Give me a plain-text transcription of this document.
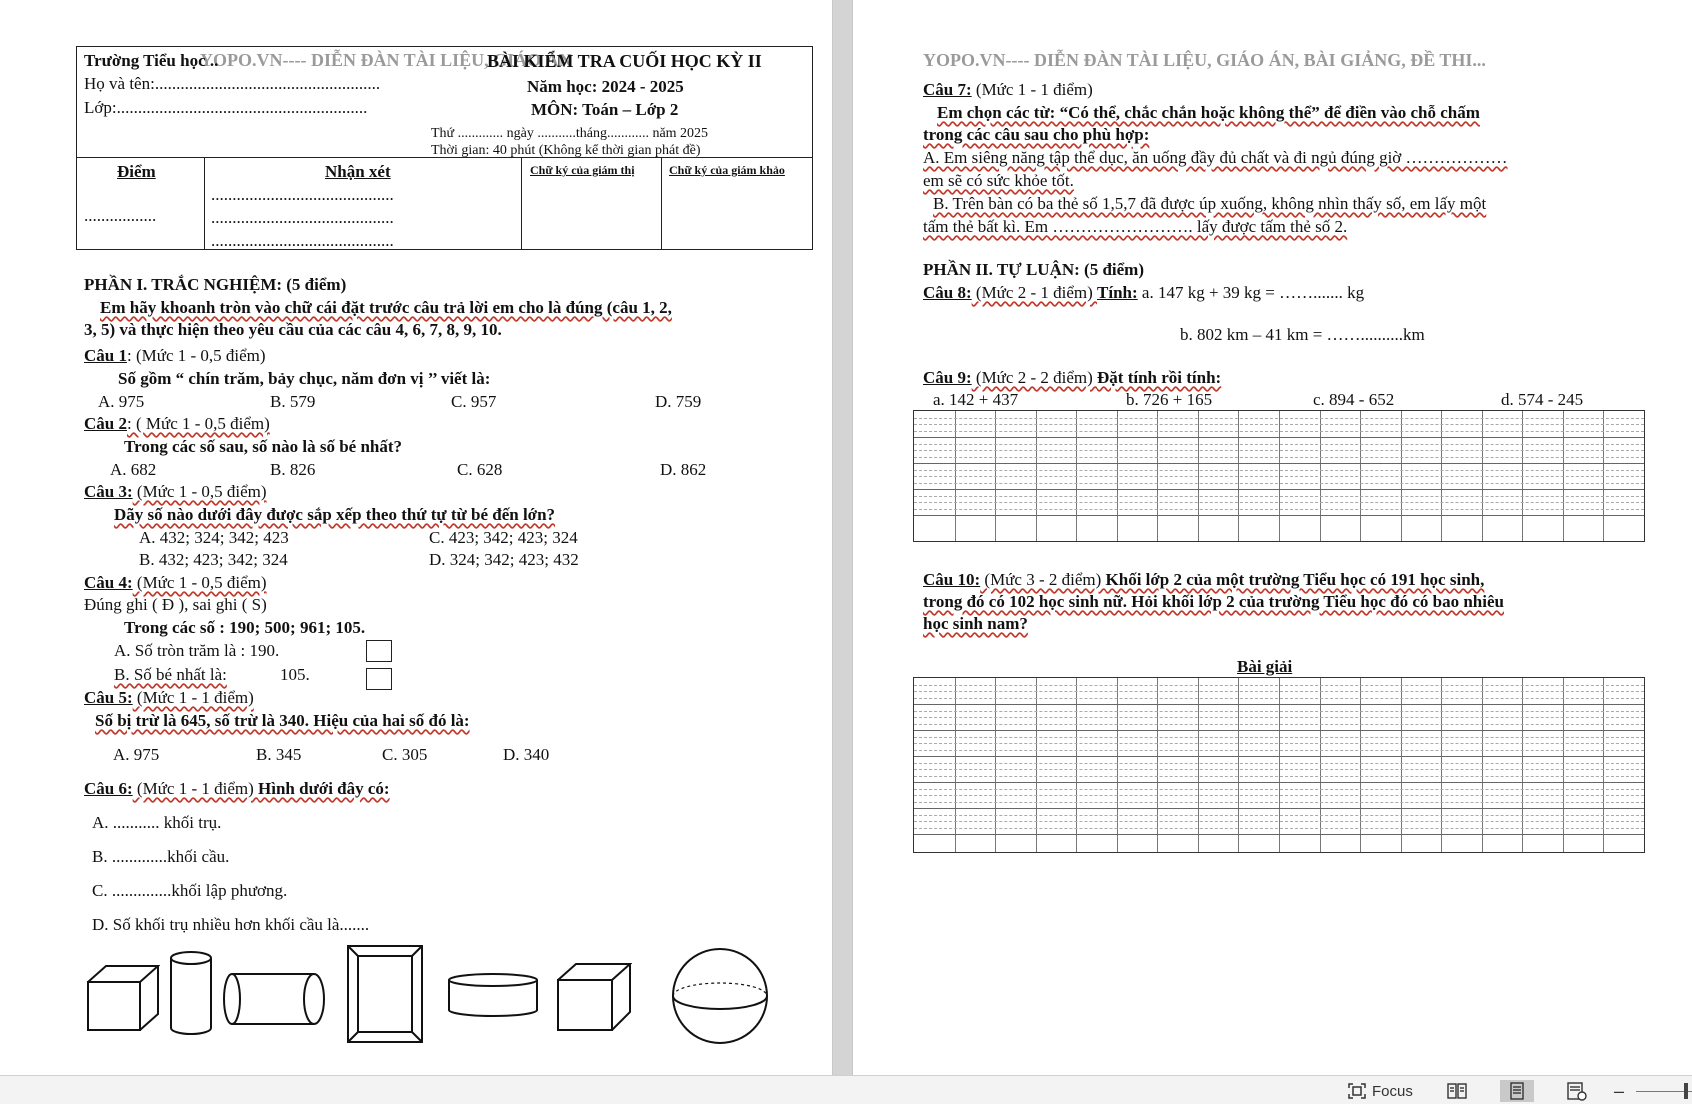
YOPO.VN---- DIỄN ĐÀN TÀI LIỆU, GIÁO ÁN
Trường Tiểu học ..
Họ và tên:.....................................................
Lớp:...........................................................
BÀI KIỂM TRA CUỐI HỌC KỲ II
Năm học: 2024 - 2025
MÔN: Toán – Lớp 2
Thứ ............. ngày ...........tháng............ năm 2025
Thời gian: 40 phút (Không kể thời gian phát đề)
Điểm	Nhận xét	Chữ ký của giám thị	Chữ ký của giám khảo
.................
...........................................
...........................................
...........................................
PHẦN I. TRẮC NGHIỆM: (5 điểm)
Em hãy khoanh tròn vào chữ cái đặt trước câu trả lời em cho là đúng (câu 1, 2,
3, 5) và thực hiện theo yêu cầu của các câu 4, 6, 7, 8, 9, 10.
Câu 1: (Mức 1 - 0,5 điểm)
Số gồm “ chín trăm, bảy chục, năm đơn vị ’’ viết là:
A. 975	B. 579	C. 957	D. 759
Câu 2: ( Mức 1 - 0,5 điểm)
Trong các số sau, số nào là số bé nhất?
A. 682	B. 826	C. 628	D. 862
Câu 3: (Mức 1 - 0,5 điểm)
Dãy số nào dưới đây được sắp xếp theo thứ tự từ bé đến lớn?
A. 432; 324; 342; 423	C. 423; 342; 423; 324
B. 432; 423; 342; 324	D. 324; 342; 423; 432
Câu 4: (Mức 1 - 0,5 điểm)
Đúng ghi ( Đ ), sai ghi ( S)
Trong các số : 190; 500; 961; 105.
A. Số tròn trăm là : 190.
B. Số bé nhất là:	105.
Câu 5: (Mức 1 - 1 điểm)
Số bị trừ là 645, số trừ là 340. Hiệu của hai số đó là:
A. 975	B. 345	C. 305	D. 340
Câu 6: (Mức 1 - 1 điểm) Hình dưới đây có:
A. ........... khối trụ.
B. .............khối cầu.
C. ..............khối lập phương.
D. Số khối trụ nhiều hơn khối cầu là.......
YOPO.VN---- DIỄN ĐÀN TÀI LIỆU, GIÁO ÁN, BÀI GIẢNG, ĐỀ THI...
Câu 7: (Mức 1 - 1 điểm)
Em chọn các từ: “Có thể, chắc chắn hoặc không thể” để điền vào chỗ chấm
trong các câu sau cho phù hợp:
A. Em siêng năng tập thể dục, ăn uống đầy đủ chất và đi ngủ đúng giờ ………………
em sẽ có sức khỏe tốt.
B. Trên bàn có ba thẻ số 1,5,7 đã được úp xuống, không nhìn thấy số, em lấy một
tấm thẻ bất kì. Em ……………………. lấy được tấm thẻ số 2.
PHẦN II. TỰ LUẬN: (5 điểm)
Câu 8: (Mức 2 - 1 điểm) Tính: a. 147 kg + 39 kg = ……....... kg
b. 802 km – 41 km = ……..........km
Câu 9: (Mức 2 - 2 điểm) Đặt tính rồi tính:
a. 142 + 437	b. 726 + 165	c. 894 - 652	d. 574 - 245
Câu 10: (Mức 3 - 2 điểm) Khối lớp 2 của một trường Tiểu học có 191 học sinh,
trong đó có 102 học sinh nữ. Hỏi khối lớp 2 của trường Tiểu học đó có bao nhiêu
học sinh nam?
Bài giải
Focus	–
